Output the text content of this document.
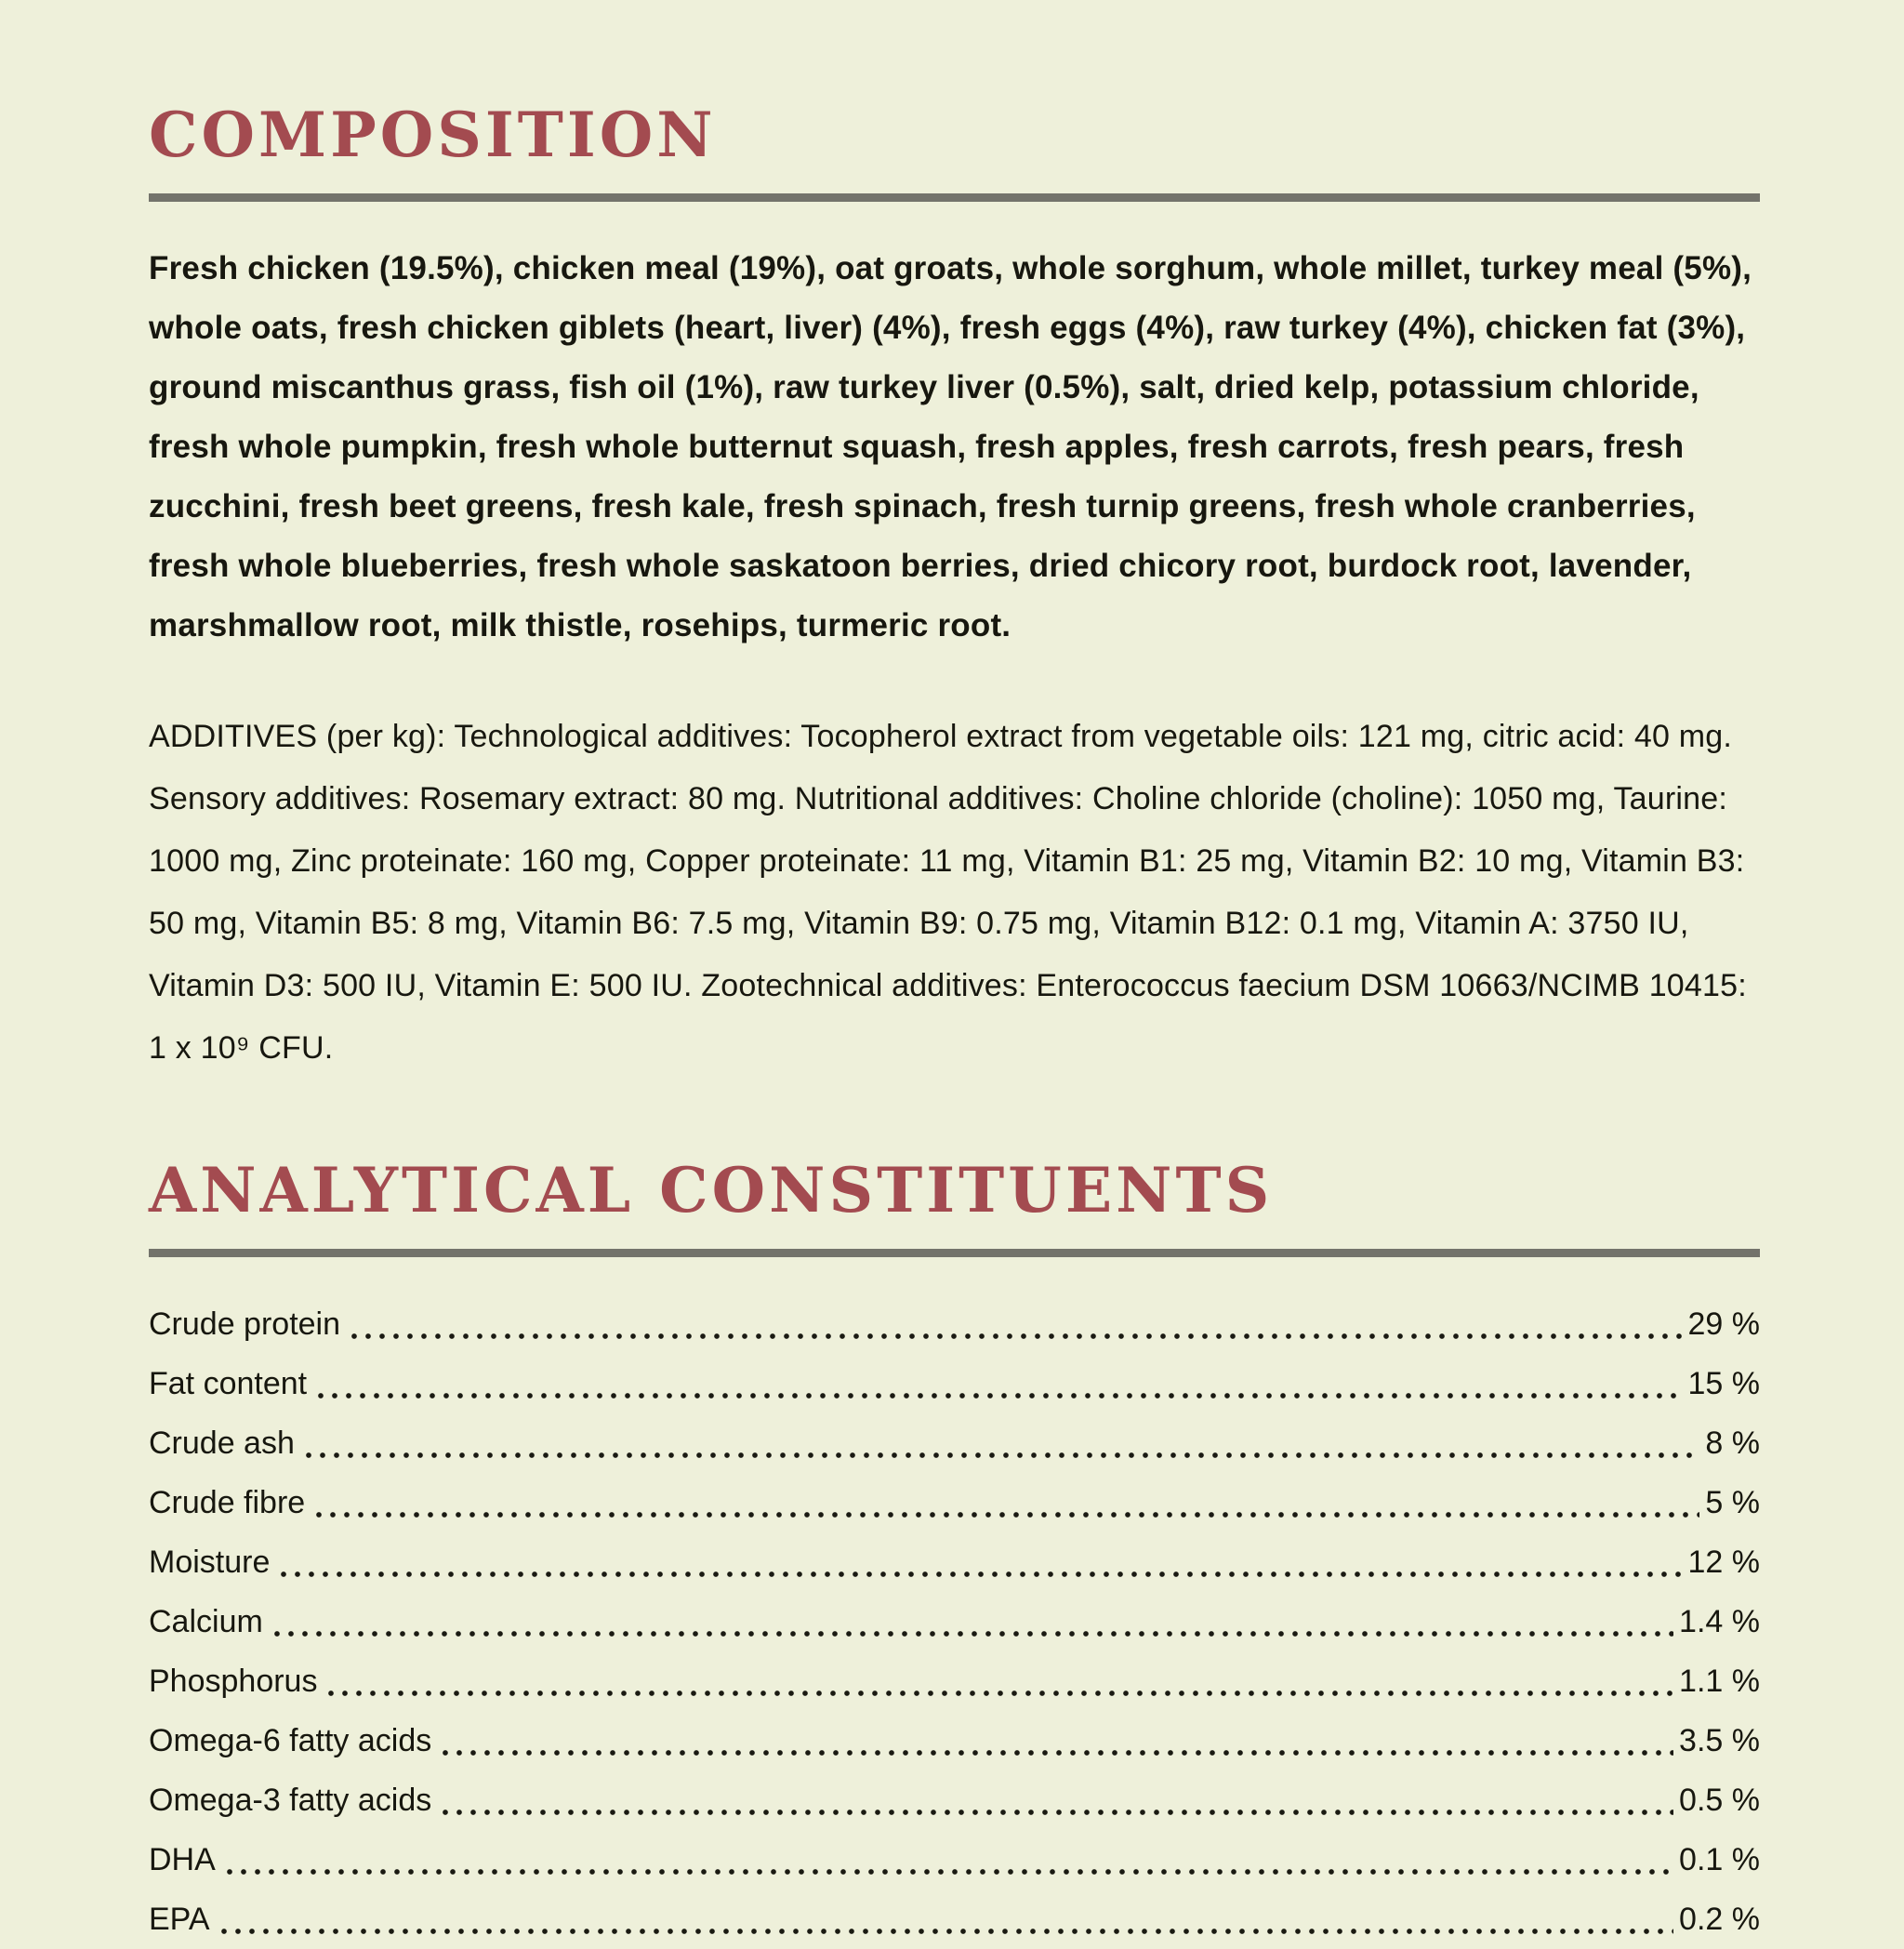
COMPOSITION

Fresh chicken (19.5%), chicken meal (19%), oat groats, whole sorghum, whole millet, turkey meal (5%), whole oats, fresh chicken giblets (heart, liver) (4%), fresh eggs (4%), raw turkey (4%), chicken fat (3%), ground miscanthus grass, fish oil (1%), raw turkey liver (0.5%), salt, dried kelp, potassium chloride, fresh whole pumpkin, fresh whole butternut squash, fresh apples, fresh carrots, fresh pears, fresh zucchini, fresh beet greens, fresh kale, fresh spinach, fresh turnip greens, fresh whole cranberries, fresh whole blueberries, fresh whole saskatoon berries, dried chicory root, burdock root, lavender, marshmallow root, milk thistle, rosehips, turmeric root.

ADDITIVES (per kg): Technological additives: Tocopherol extract from vegetable oils: 121 mg, citric acid: 40 mg. Sensory additives: Rosemary extract: 80 mg. Nutritional additives: Choline chloride (choline): 1050 mg, Taurine: 1000 mg, Zinc proteinate: 160 mg, Copper proteinate: 11 mg, Vitamin B1: 25 mg, Vitamin B2: 10 mg, Vitamin B3: 50 mg, Vitamin B5: 8 mg, Vitamin B6: 7.5 mg, Vitamin B9: 0.75 mg, Vitamin B12: 0.1 mg, Vitamin A: 3750 IU, Vitamin D3: 500 IU, Vitamin E: 500 IU. Zootechnical additives: Enterococcus faecium DSM 10663/NCIMB 10415: 1 x 10⁹ CFU.

ANALYTICAL CONSTITUENTS
Crude protein	29 %
Fat content	15 %
Crude ash	8 %
Crude fibre	5 %
Moisture	12 %
Calcium	1.4 %
Phosphorus	1.1 %
Omega-6 fatty acids	3.5 %
Omega-3 fatty acids	0.5 %
DHA	0.1 %
EPA	0.2 %
